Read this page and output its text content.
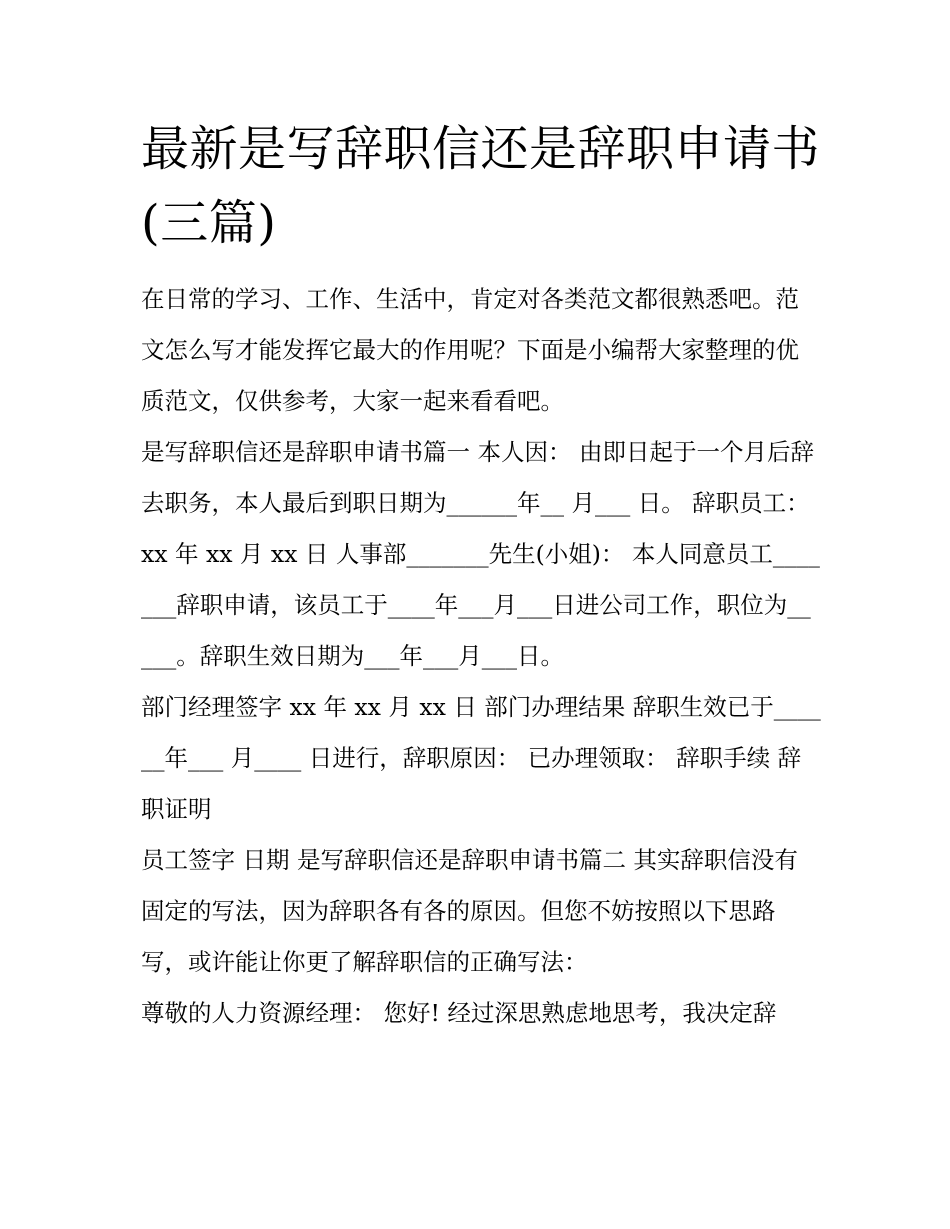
最新是写辞职信还是辞职申请书(三篇)

在日常的学习、工作、生活中，肯定对各类范文都很熟悉吧。范文怎么写才能发挥它最大的作用呢？下面是小编帮大家整理的优质范文，仅供参考，大家一起来看看吧。

是写辞职信还是辞职申请书篇一 本人因： 由即日起于一个月后辞去职务，本人最后到职日期为______年__ 月___ 日。 辞职员工：

xx 年 xx 月 xx 日 人事部_______先生(小姐)： 本人同意员工_______辞职申请，该员工于____年___月___日进公司工作，职位为_____。辞职生效日期为___年___月___日。

部门经理签字 xx 年 xx 月 xx 日 部门办理结果 辞职生效已于______年___ 月____ 日进行，辞职原因： 已办理领取： 辞职手续 辞职证明

员工签字 日期 是写辞职信还是辞职申请书篇二 其实辞职信没有固定的写法，因为辞职各有各的原因。但您不妨按照以下思路写，或许能让你更了解辞职信的正确写法：

尊敬的人力资源经理： 您好! 经过深思熟虑地思考，我决定辞
